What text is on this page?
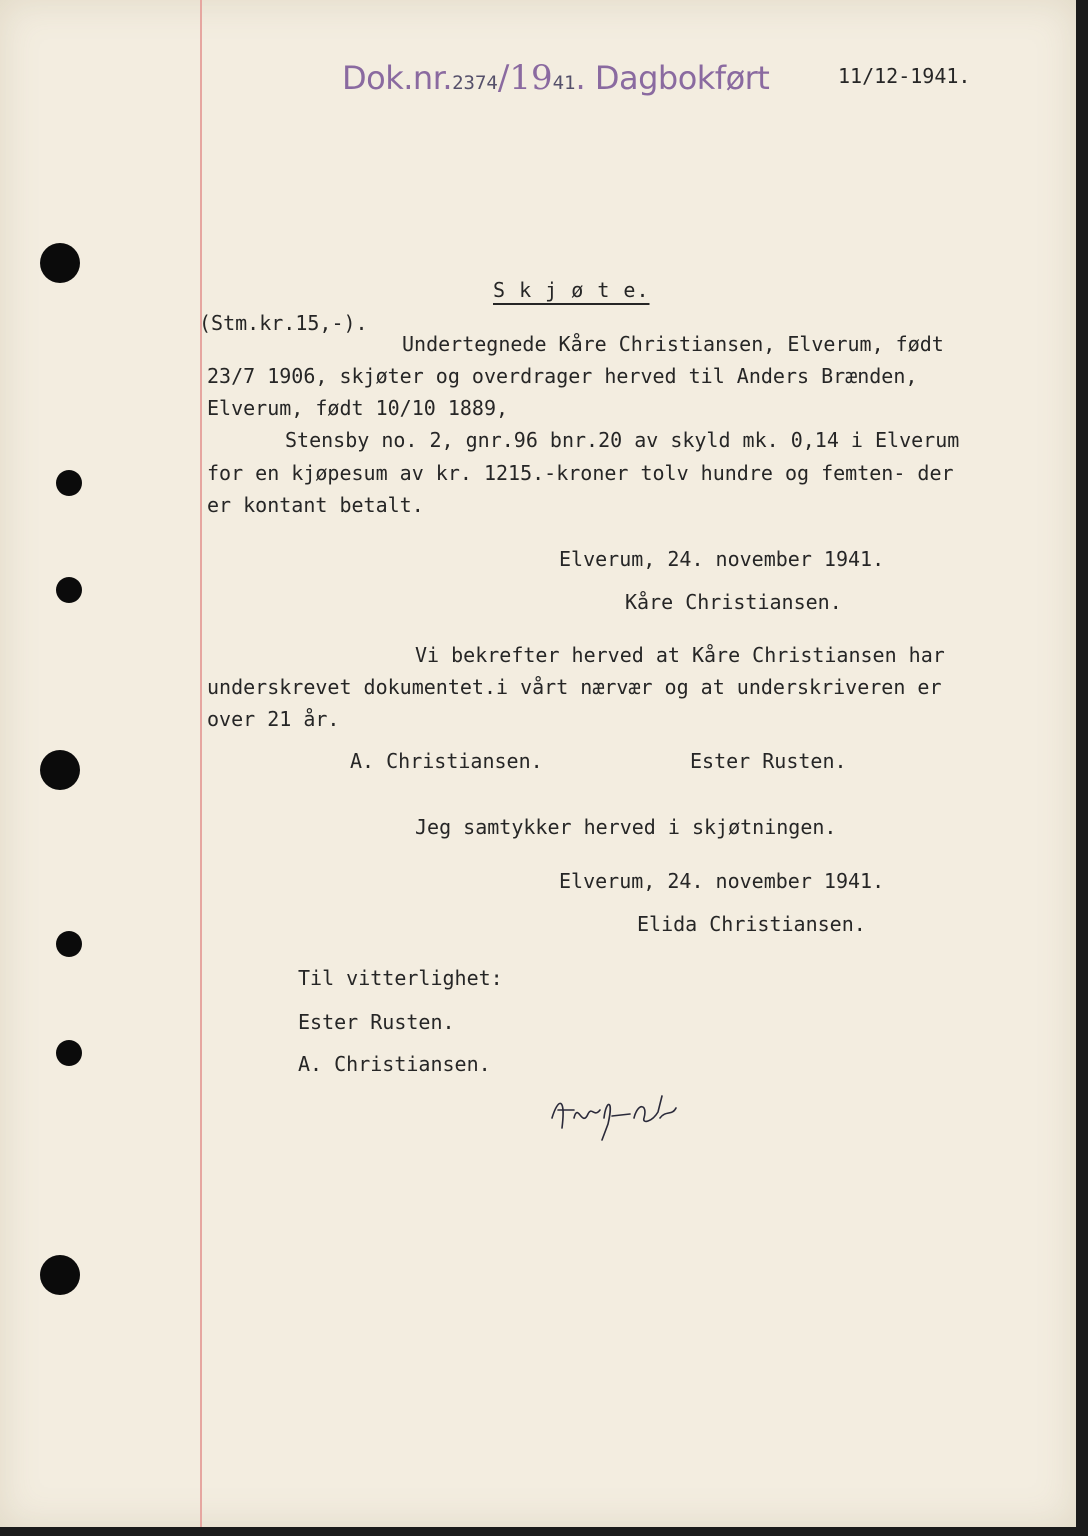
Dok.nr.2374/1941. Dagbokført	11/12-1941.
S k j ø t e.
(Stm.kr.15,-).
Undertegnede Kåre Christiansen, Elverum, født
23/7 1906, skjøter og overdrager herved til Anders Brænden,
Elverum, født 10/10 1889,
Stensby no. 2, gnr.96 bnr.20 av skyld mk. 0,14 i Elverum
for en kjøpesum av kr. 1215.-kroner tolv hundre og femten- der
er kontant betalt.
Elverum, 24. november 1941.
Kåre Christiansen.
Vi bekrefter herved at Kåre Christiansen har
underskrevet dokumentet.i vårt nærvær og at underskriveren er
over 21 år.
A. Christiansen.	Ester Rusten.
Jeg samtykker herved i skjøtningen.
Elverum, 24. november 1941.
Elida Christiansen.
Til vitterlighet:
Ester Rusten.
A. Christiansen.
